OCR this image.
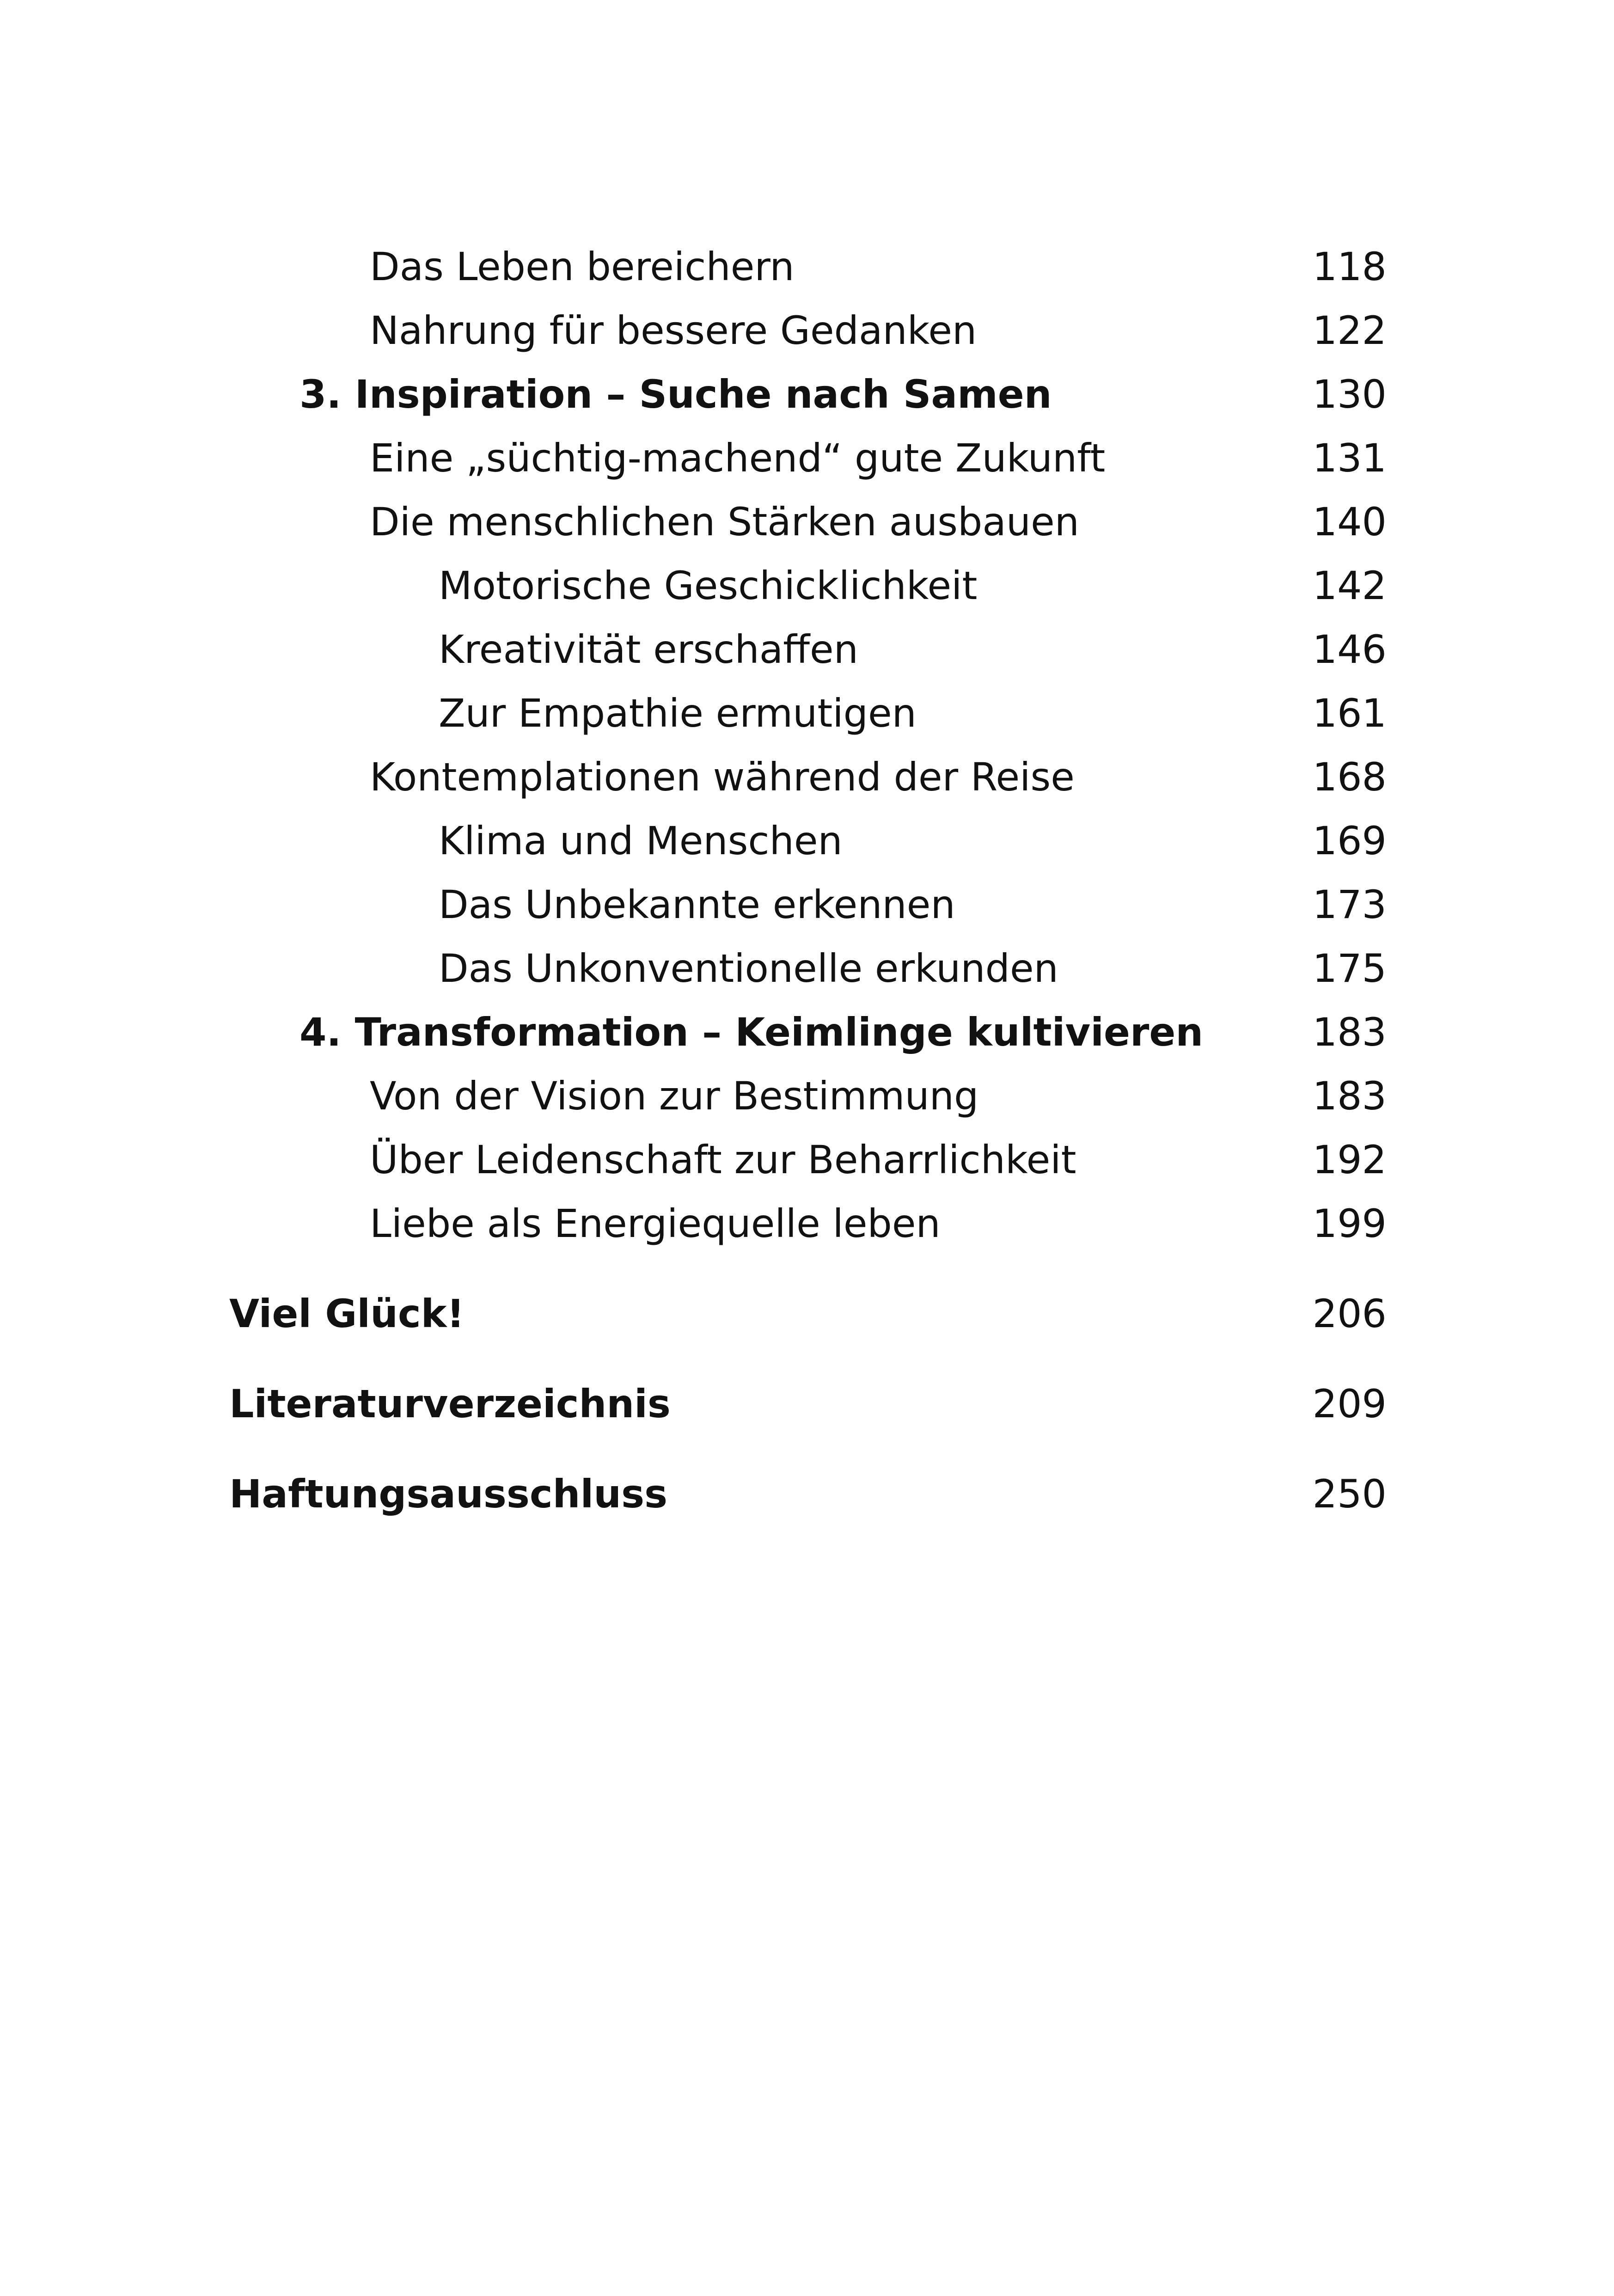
Das Leben bereichern	118
Nahrung für bessere Gedanken	122
3. Inspiration – Suche nach Samen	130
Eine „süchtig-machend“ gute Zukunft	131
Die menschlichen Stärken ausbauen	140
Motorische Geschicklichkeit	142
Kreativität erschaffen	146
Zur Empathie ermutigen	161
Kontemplationen während der Reise	168
Klima und Menschen	169
Das Unbekannte erkennen	173
Das Unkonventionelle erkunden	175
4. Transformation – Keimlinge kultivieren	183
Von der Vision zur Bestimmung	183
Über Leidenschaft zur Beharrlichkeit	192
Liebe als Energiequelle leben	199
Viel Glück!	206
Literaturverzeichnis	209
Haftungsausschluss	250
